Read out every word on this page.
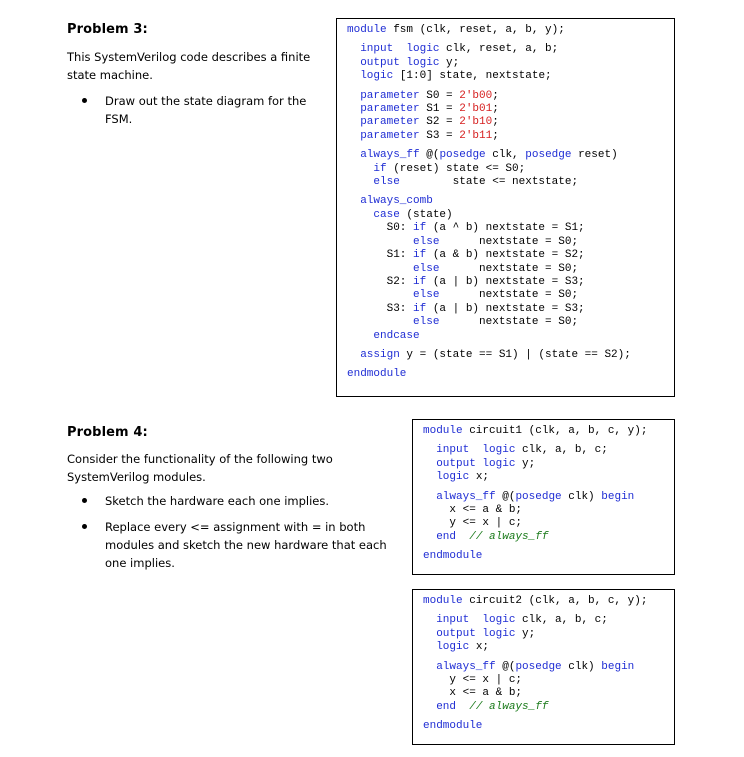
Problem 3:
This SystemVerilog code describes a finite state machine.
Draw out the state diagram for the FSM.
module fsm (clk, reset, a, b, y);

input logic clk, reset, a, b;
output logic y;
logic [1:0] state, nextstate;

parameter S0 = 2'b00;
parameter S1 = 2'b01;
parameter S2 = 2'b10;
parameter S3 = 2'b11;

always_ff @(posedge clk, posedge reset)
if (reset) state <= S0;
else        state <= nextstate;

always_comb
case (state)
S0: if (a ^ b) nextstate = S1;
else      nextstate = S0;
S1: if (a & b) nextstate = S2;
else      nextstate = S0;
S2: if (a | b) nextstate = S3;
else      nextstate = S0;
S3: if (a | b) nextstate = S3;
else      nextstate = S0;
endcase

assign y = (state == S1) | (state == S2);

endmodule
Problem 4:
Consider the functionality of the following two SystemVerilog modules.
Sketch the hardware each one implies.
Replace every <= assignment with = in both modules and sketch the new hardware that each one implies.
module circuit1 (clk, a, b, c, y);

input logic clk, a, b, c;
output logic y;
logic x;

always_ff @(posedge clk) begin
x <= a & b;
y <= x | c;
end // always_ff

endmodule
module circuit2 (clk, a, b, c, y);

input logic clk, a, b, c;
output logic y;
logic x;

always_ff @(posedge clk) begin
y <= x | c;
x <= a & b;
end // always_ff

endmodule
